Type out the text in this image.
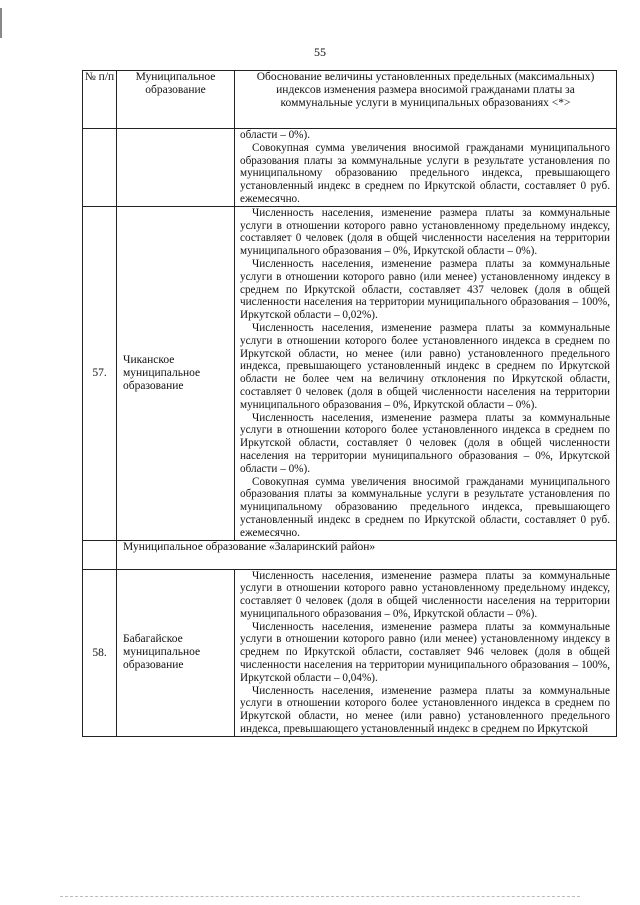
55
№ п/п	Муниципальное образование	Обоснование величины установленных предельных (максимальных) индексов изменения размера вносимой гражданами платы за коммунальные услуги в муниципальных образованиях <*>

		области – 0%).

Совокупная сумма увеличения вносимой гражданами муниципального образования платы за коммунальные услуги в результате установления по муниципальному образованию предельного индекса, превышающего установленный индекс в среднем по Иркутской области, составляет 0 руб. ежемесячно.

57.	Чиканское муниципальное образование	Численность населения, изменение размера платы за коммунальные услуги в отношении которого равно установленному предельному индексу, составляет 0 человек (доля в общей численности населения на территории муниципального образования – 0%, Иркутской области – 0%).

Численность населения, изменение размера платы за коммунальные услуги в отношении которого равно (или менее) установленному индексу в среднем по Иркутской области, составляет 437 человек (доля в общей численности населения на территории муниципального образования – 100%, Иркутской области – 0,02%).

Численность населения, изменение размера платы за коммунальные услуги в отношении которого более установленного индекса в среднем по Иркутской области, но менее (или равно) установленного предельного индекса, превышающего установленный индекс в среднем по Иркутской области не более чем на величину отклонения по Иркутской области, составляет 0 человек (доля в общей численности населения на территории муниципального образования – 0%, Иркутской области – 0%).

Численность населения, изменение размера платы за коммунальные услуги в отношении которого более установленного индекса в среднем по Иркутской области, составляет 0 человек (доля в общей численности населения на территории муниципального образования – 0%, Иркутской области – 0%).

Совокупная сумма увеличения вносимой гражданами муниципального образования платы за коммунальные услуги в результате установления по муниципальному образованию предельного индекса, превышающего установленный индекс в среднем по Иркутской области, составляет 0 руб. ежемесячно.

	Муниципальное образование «Заларинский район»	
58.	Бабагайское муниципальное образование	Численность населения, изменение размера платы за коммунальные услуги в отношении которого равно установленному предельному индексу, составляет 0 человек (доля в общей численности населения на территории муниципального образования – 0%, Иркутской области – 0%).

Численность населения, изменение размера платы за коммунальные услуги в отношении которого равно (или менее) установленному индексу в среднем по Иркутской области, составляет 946 человек (доля в общей численности населения на территории муниципального образования – 100%, Иркутской области – 0,04%).

Численность населения, изменение размера платы за коммунальные услуги в отношении которого более установленного индекса в среднем по Иркутской области, но менее (или равно) установленного предельного индекса, превышающего установленный индекс в среднем по Иркутской
